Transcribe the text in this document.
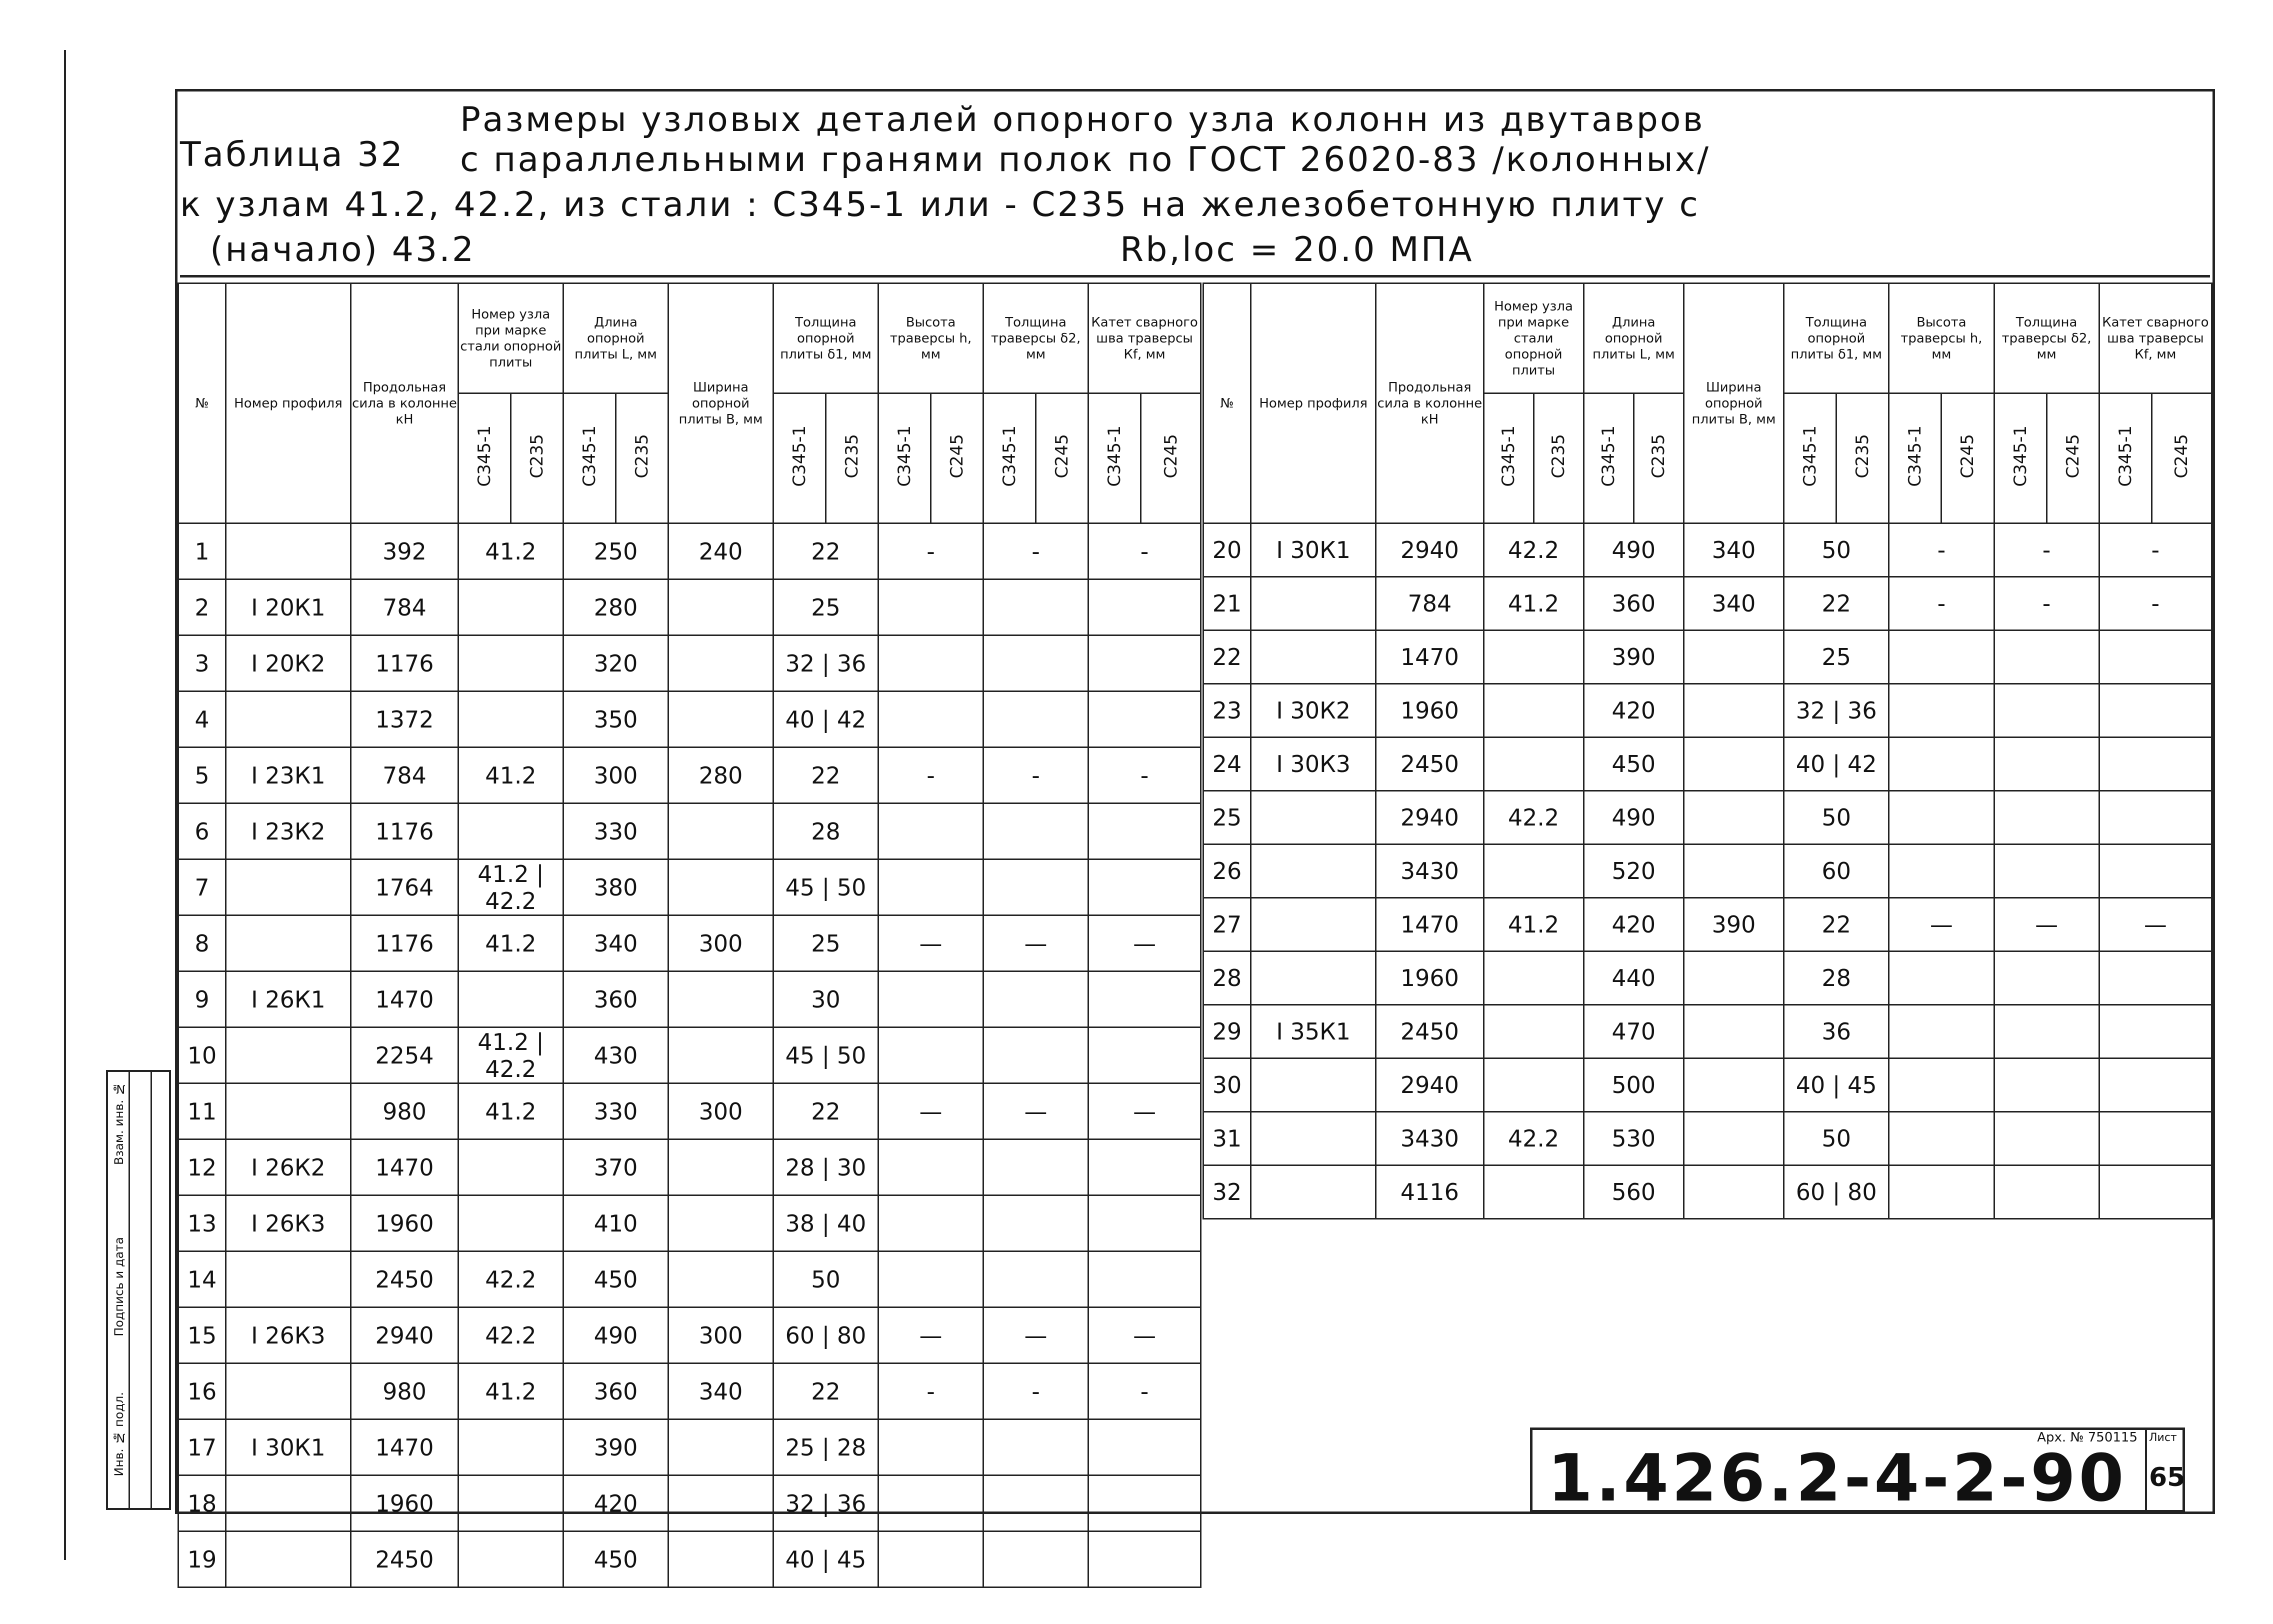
Таблица 32
Размеры узловых деталей опорного узла колонн из двутавров
с параллельными гранями полок по ГОСТ 26020-83 /колонных/
к узлам 41.2, 42.2, из стали : С345-1 или - С235 на железобетонную плиту с
(начало) 43.2	Rb,loc = 20.0 МПА
№	Номер профиля	Продольная сила в колонне кН	Номер узла при марке стали опорной плиты		Длина опорной плиты L, мм		Ширина опорной плиты В, мм	Толщина опорной плиты δ1, мм		Высота траверсы h, мм		Толщина траверсы δ2, мм		Катет сварного шва траверсы Кf, мм	
			С345-1	С235	С345-1	С235		С345-1	С235	С345-1	С245	С345-1	С245	С345-1	С245
1		392	41.2		250		240	22		-		-		-	
2	I 20К1	784			280			25							
3	I 20К2	1176			320			32 | 36							
4		1372			350			40 | 42							
5	I 23К1	784	41.2		300		280	22		-		-		-	
6	I 23К2	1176			330			28							
7		1764	41.2 | 42.2		380			45 | 50							
8		1176	41.2		340		300	25		—		—		—	
9	I 26К1	1470			360			30							
10		2254	41.2 | 42.2		430			45 | 50							
11		980	41.2		330		300	22		—		—		—	
12	I 26К2	1470			370			28 | 30							
13	I 26К3	1960			410			38 | 40							
14		2450	42.2		450			50							
15	I 26К3	2940	42.2		490		300	60 | 80		—		—		—	
16		980	41.2		360		340	22		-		-		-	
17	I 30К1	1470			390			25 | 28							
18		1960			420			32 | 36							
19		2450			450			40 | 45							
№	Номер профиля	Продольная сила в колонне кН	Номер узла при марке стали опорной плиты		Длина опорной плиты L, мм		Ширина опорной плиты В, мм	Толщина опорной плиты δ1, мм		Высота траверсы h, мм		Толщина траверсы δ2, мм		Катет сварного шва траверсы Кf, мм	
			С345-1	С235	С345-1	С235		С345-1	С235	С345-1	С245	С345-1	С245	С345-1	С245
20	I 30К1	2940	42.2		490		340	50		-		-		-	
21		784	41.2		360		340	22		-		-		-	
22		1470			390			25							
23	I 30К2	1960			420			32 | 36							
24	I 30К3	2450			450			40 | 42							
25		2940	42.2		490			50							
26		3430			520			60							
27		1470	41.2		420		390	22		—		—		—	
28		1960			440			28							
29	I 35К1	2450			470			36							
30		2940			500			40 | 45							
31		3430	42.2		530			50							
32		4116			560			60 | 80							
Инв. № подл.
Подпись и дата
Взам. инв. №
Арх. № 750115
1.426.2-4-2-90
Лист
65
